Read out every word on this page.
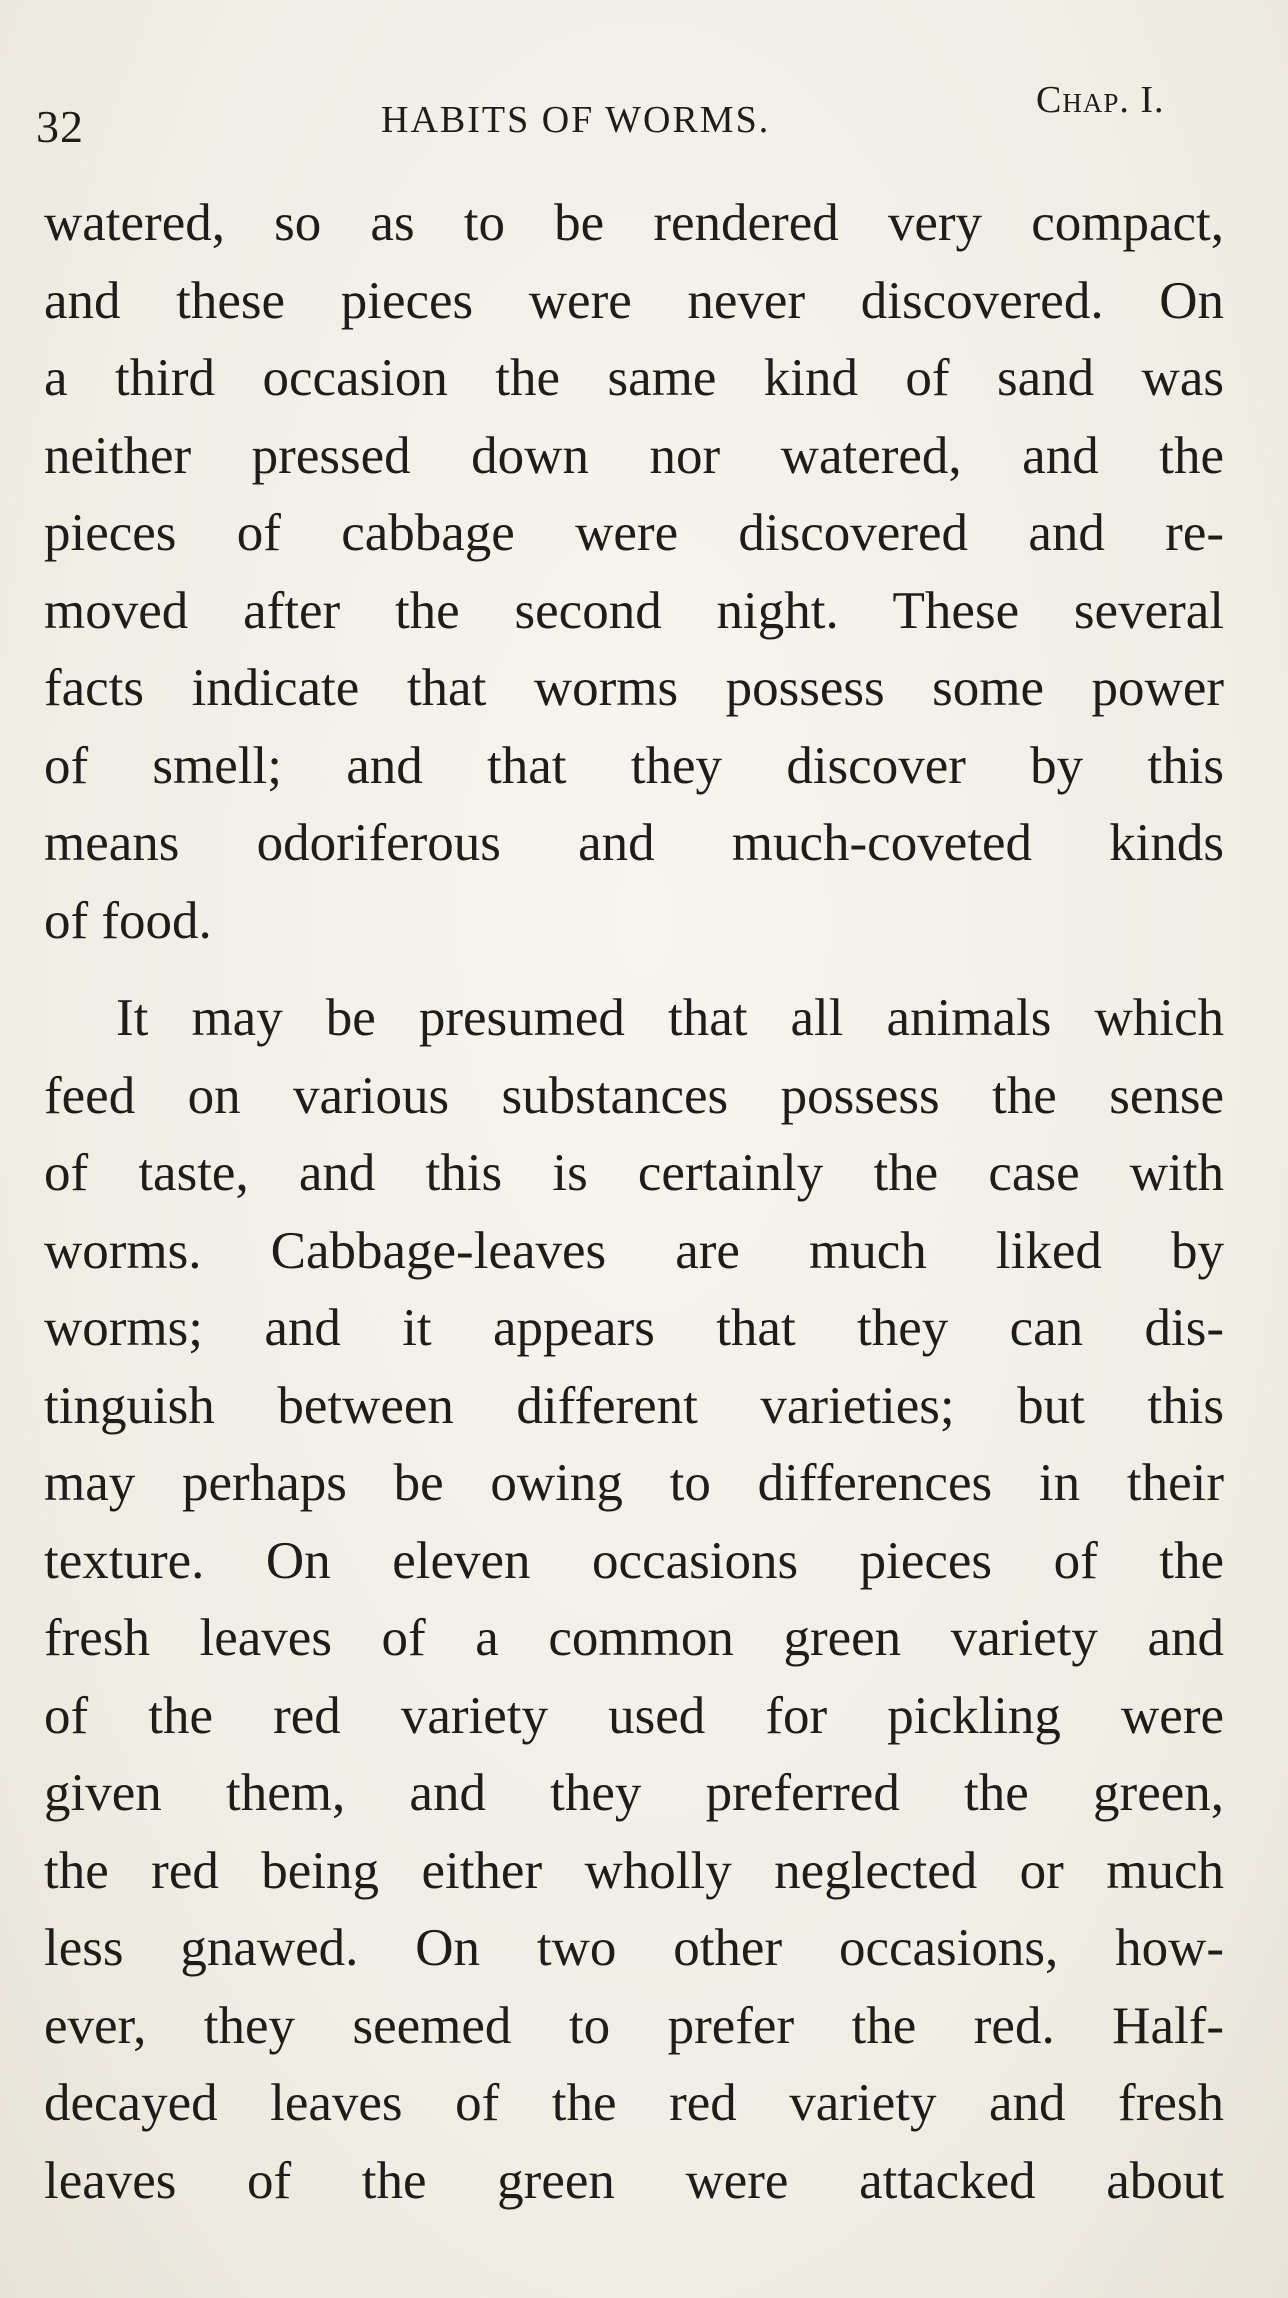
32	HABITS OF WORMS.	Chap. I.
watered, so as to be rendered very compact,
and these pieces were never discovered. On
a third occasion the same kind of sand was
neither pressed down nor watered, and the
pieces of cabbage were discovered and re-
moved after the second night. These several
facts indicate that worms possess some power
of smell; and that they discover by this
means odoriferous and much-coveted kinds
of food.
It may be presumed that all animals which
feed on various substances possess the sense
of taste, and this is certainly the case with
worms. Cabbage-leaves are much liked by
worms; and it appears that they can dis-
tinguish between different varieties; but this
may perhaps be owing to differences in their
texture. On eleven occasions pieces of the
fresh leaves of a common green variety and
of the red variety used for pickling were
given them, and they preferred the green,
the red being either wholly neglected or much
less gnawed. On two other occasions, how-
ever, they seemed to prefer the red. Half-
decayed leaves of the red variety and fresh
leaves of the green were attacked about
